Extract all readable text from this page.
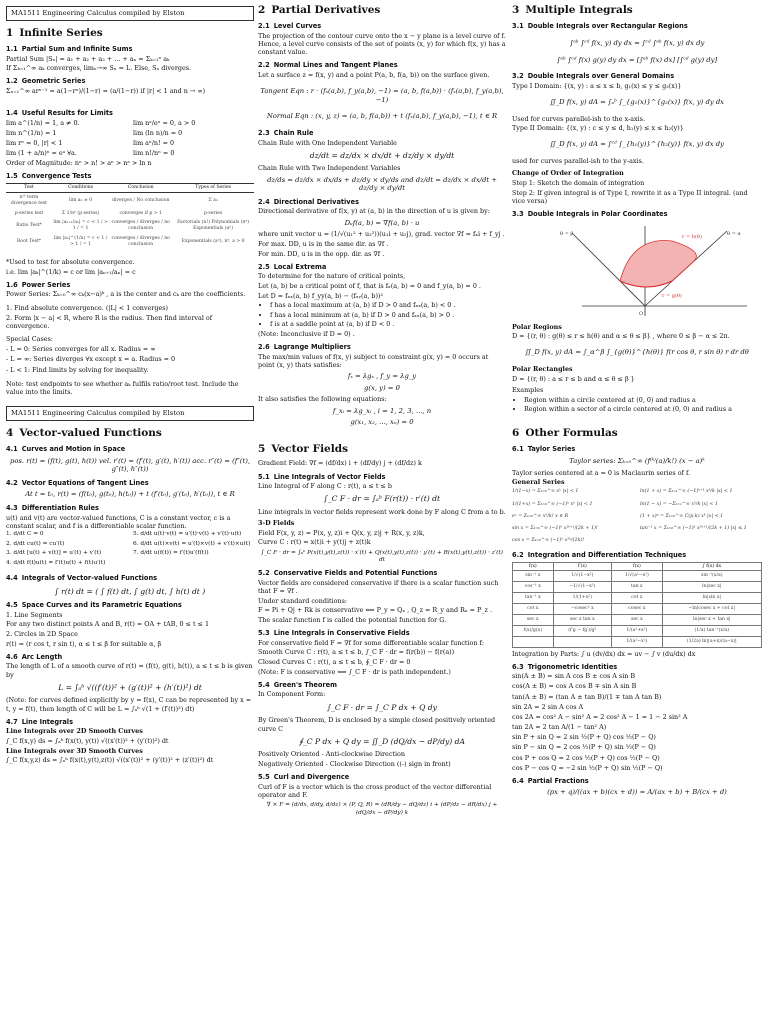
MA1511 Engineering Calculus compiled by Elston
1 Infinite Series
1.1 Partial Sum and Infinite Sums

Partial Sum |Sₙ| = a₁ + a₂ + a₃ + ... + aₙ = Σₖ₌₁ⁿ aₖ

If Σₖ₌₁^∞ aₖ converges, limₙ→∞ Sₙ = L. Else, Sₙ diverges.

1.2 Geometric Series

Σₙ₌₁^∞ arⁿ⁻¹ = a(1−rⁿ)/(1−r) = (a/(1−r)) if |r| < 1 and n → ∞)

1.4 Useful Results for Limits
lim a^(1/n) = 1, a ≠ 0.
lim n^(1/n) = 1
lim rⁿ = 0, |r| < 1
lim (1 + a/n)ⁿ = eᵃ ∀a.
lim nᵃ/eⁿ = 0, a > 0
lim (ln n)/n = 0
lim aⁿ/n! = 0
lim n!/nⁿ = 0

Order of Magnitude: nⁿ > n! > aⁿ > nᵃ > ln n

1.5 Convergence Tests
Test	Conditions	Conclusion	Types of Series
nᵗʰ term divergence test	lim aₙ ≠ 0	diverges / No conclusion	Σ aₙ
p-series test	Σ 1/nᵖ (p-series)	converges if p > 1	p-series
Ratio Test*	lim |aₙ₊₁/aₙ| = c < 1 / > 1 / = 1	converges / diverges / no conclusion	Factorials (n!) Polynomials (nᵃ) Exponentials (aⁿ)
Root Test*	lim |aₙ|^(1/n) = c < 1 / > 1 / = 1	converges / diverges / no conclusion	Exponentials (aⁿ), nᵃ, a > 0

*Used to test for absolute convergence.

i.e. lim |aₖ|^(1/k) = c or lim |aₙ₊₁/aₙ| = c

1.6 Power Series

Power Series: Σₖ₌₀^∞ cₖ(x−a)ᵏ , a is the center and cₖ are the coefficients.

1. Find absolute convergence. (|L| < 1 converges)

2. Form |x − a| < R, where R is the radius. Then find interval of convergence.

Special Cases:

- L = 0: Series converges for all x. Radius = ∞
- L = ∞: Series diverges ∀x except x = a. Radius = 0
- L < 1: Find limits by solving for inequality.

Note: test endpoints to see whether aₖ fulfils ratio/root test. Include the value into the limits.

MA1511 Engineering Calculus compiled by Elston
4 Vector-valued Functions
4.1 Curves and Motion in Space

pos. r(t) = (f(t), g(t), h(t)) vel. r′(t) = (f′(t), g′(t), h′(t)) acc. r″(t) = (f″(t), g″(t), h″(t))

4.2 Vector Equations of Tangent Lines

At t = t₀, r(t) = (f(t₀), g(t₀), h(t₀)) + t (f′(t₀), g′(t₀), h′(t₀)), t ∈ R

4.3 Differentiation Rules

u(t) and v(t) are vector-valued functions, C is a constant vector, c is a constant scalar, and f is a differentiable scalar function.

1. d/dt C = 0
2. d/dt cu(t) = cu′(t)
3. d/dt [u(t) + v(t)] = u′(t) + v′(t)
4. d/dt f(t)u(t) = f′(t)u(t) + f(t)u′(t)
5. d/dt u(t)·v(t) = u′(t)·v(t) + v′(t)·u(t)
6. d/dt u(t)×v(t) = u′(t)×v(t) + v′(t)×u(t)
7. d/dt u(f(t)) = f′(t)u′(f(t))
4.4 Integrals of Vector-valued Functions

∫ r(t) dt = ( ∫ f(t) dt, ∫ g(t) dt, ∫ h(t) dt )

4.5 Space Curves and its Parametric Equations

1. Line Segments

For any two distinct points A and B, r(t) = OA + tAB, 0 ≤ t ≤ 1

2. Circles in 2D Space

r(t) = (r cos t, r sin t), α ≤ t ≤ β for suitable α, β

4.6 Arc Length

The length of L of a smooth curve of r(t) = (f(t), g(t), h(t)), a ≤ t ≤ b is given by

L = ∫ₐᵇ √((f′(t))² + (g′(t))² + (h′(t))²) dt

(Note: for curves defined explicitly by y = f(x), C can be represented by x = t, y = f(t), then length of C will be L = ∫ₐᵇ √(1 + (f′(t))²) dt)

4.7 Line Integrals

Line Integrals over 2D Smooth Curves

∫_C f(x,y) ds = ∫ₐᵇ f(x(t), y(t)) √((x′(t))² + (y′(t))²) dt

Line Integrals over 3D Smooth Curves

∫_C f(x,y,z) ds = ∫ₐᵇ f(x(t),y(t),z(t)) √((x′(t))² + (y′(t))² + (z′(t))²) dt

2 Partial Derivatives
2.1 Level Curves

The projection of the contour curve onto the x − y plane is a level curve of f. Hence, a level curve consists of the set of points (x, y) for which f(x, y) has a constant value.

2.2 Normal Lines and Tangent Planes

Let a surface z = f(x, y) and a point P(a, b, f(a, b)) on the surface given.

Tangent Eqn : r · (fₓ(a,b), f_y(a,b), −1) = (a, b, f(a,b)) · (fₓ(a,b), f_y(a,b), −1)

Normal Eqn : (x, y, z) = (a, b, f(a,b)) + t (fₓ(a,b), f_y(a,b), −1), t ∈ R

2.3 Chain Rule

Chain Rule with One Independent Variable

dz/dt = dz/dx × dx/dt + dz/dy × dy/dt

Chain Rule with Two Independent Variables

dz/ds = dz/dx × dx/ds + dz/dy × dy/ds and dz/dt = dz/dx × dx/dt + dz/dy × dy/dt

2.4 Directional Derivatives

Directional derivative of f(x, y) at (a, b) in the direction of u is given by:

Dᵤf(a, b) = ∇f(a, b) · u

where unit vector u = (1/√(u₁² + u₂²))(u₁i + u₂j), grad. vector ∇f = fₓi + f_yj .

For max. DD, u is in the same dir. as ∇f .

For min. DD, u is in the opp. dir. as ∇f .

2.5 Local Extrema

To determine for the nature of critical points,

Let (a, b) be a critical point of f, that is fₓ(a, b) = 0 and f_y(a, b) = 0 .

Let D = fₓₓ(a, b) f_yy(a, b) − (fₓᵧ(a, b))²

• f has a local maximum at (a, b) if D > 0 and fₓₓ(a, b) < 0 .
• f has a local minimum at (a, b) if D > 0 and fₓₓ(a, b) > 0 .
• f is at a saddle point at (a, b) if D < 0 .

(Note: Inconclusive if D = 0) .

2.6 Lagrange Multipliers

The max/min values of f(x, y) subject to constraint g(x, y) = 0 occurs at point (x, y) thats satisfies:

fₓ = λgₓ , f_y = λg_y

g(x, y) = 0

It also satisfies the following equations:

f_xᵢ = λg_xᵢ , i = 1, 2, 3, ..., n

g(x₁, x₂, ..., xₙ) = 0

5 Vector Fields

Gradient Field: ∇f = (df/dx) i + (df/dy) j + (df/dz) k

5.1 Line Integrals of Vector Fields

Line Integral of F along C : r(t), a ≤ t ≤ b

∫_C F · dr = ∫ₐᵇ F(r(t)) · r′(t) dt

Line integrals in vector fields represent work done by F along C from a to b.

3-D Fields

Field F(x, y, z) = P(x, y, z)i + Q(x, y, z)j + R(x, y, z)k,

Curve C : r(t) = x(t)i + y(t)j + z(t)k

∫_C F · dr = ∫ₐᵇ P(x(t),y(t),z(t)) · x′(t) + Q(x(t),y(t),z(t)) · y′(t) + R(x(t),y(t),z(t)) · z′(t) dt

5.2 Conservative Fields and Potential Functions

Vector fields are considered conservative if there is a scalar function such that F = ∇f .

Under standard conditions:

F = Pi + Qj + Rk is conservative ⟺ P_y = Qₓ , Q_z = R_y and Rₓ = P_z .

The scalar function f is called the potential function for G.

5.3 Line Integrals in Conservative Fields

For conservative field F = ∇f for some differentiable scalar function f:

Smooth Curve C : r(t), a ≤ t ≤ b, ∫_C F · dr = f(r(b)) − f(r(a))

Closed Curves C : r(t), a ≤ t ≤ b, ∮_C F · dr = 0

(Note: F is conservative ⟺ ∫_C F · dr is path independent.)

5.4 Green's Theorem

In Component Form:

∫_C F · dr = ∫_C P dx + Q dy

By Green's Theorem, D is enclosed by a simple closed positively oriented curve C

∮_C P dx + Q dy = ∬_D (dQ/dx − dP/dy) dA

Positively Oriented - Anti-clockwise Direction

Negatively Oriented - Clockwise Direction ((-) sign in front)

5.5 Curl and Divergence

Curl of F is a vector which is the cross product of the vector differential operator and F.

∇ × F = (d/dx, d/dy, d/dz) × (P, Q, R) = (dR/dy − dQ/dz) i + (dP/dz − dR/dx) j + (dQ/dx − dP/dy) k

3 Multiple Integrals
3.1 Double Integrals over Rectangular Regions

∫ᵃᵇ ∫ᶜᵈ f(x, y) dy dx = ∫ᶜᵈ ∫ᵃᵇ f(x, y) dx dy

∫ᵃᵇ ∫ᶜᵈ f(x) g(y) dy dx = [∫ᵃᵇ f(x) dx] [∫ᶜᵈ g(y) dy]

3.2 Double Integrals over General Domains

Type I Domain: {(x, y) : a ≤ x ≤ b, g₁(x) ≤ y ≤ g₂(x)}

∬_D f(x, y) dA = ∫ₐᵇ ∫_{g₁(x)}^{g₂(x)} f(x, y) dy dx

Used for curves parallel-ish to the x-axis.

Type II Domain: {(x, y) : c ≤ y ≤ d, h₁(y) ≤ x ≤ h₂(y)}

∬_D f(x, y) dA = ∫ᶜᵈ ∫_{h₁(y)}^{h₂(y)} f(x, y) dx dy

used for curves parallel-ish to the y-axis.

Change of Order of Integration

Step 1: Sketch the domain of integration

Step 2: If given integral is of Type I, rewrite it as a Type II integral. (and vice versa)

3.3 Double Integrals in Polar Coordinates
r = h(θ)
θ = β	θ = α
O
r = g(θ)

Polar Regions

D = {(r, θ) : g(θ) ≤ r ≤ h(θ) and α ≤ θ ≤ β} , where 0 ≤ β − α ≤ 2π.

∬_D f(x, y) dA = ∫_α^β ∫_{g(θ)}^{h(θ)} f(r cos θ, r sin θ) r dr dθ

Polar Rectangles

D = {(r, θ) : a ≤ r ≤ b and α ≤ θ ≤ β }

Examples

• Region within a circle centered at (0, 0) and radius a
• Region within a sector of a circle centered at (0, 0) and radius a
6 Other Formulas
6.1 Taylor Series

Taylor series: Σₖ₌₀^∞ (f⁽ᵏ⁾(a)/k!) (x − a)ᵏ

Taylor series centered at a = 0 is Maclaurin series of f.

General Series

1/(1−x) = Σₖ₌₀^∞ xᵏ |x| < 1	ln(1 + x) = Σₖ₌₁^∞ (−1)ᵏ⁺¹ xᵏ/k |x| < 1
1/(1+x) = Σₖ₌₀^∞ (−1)ᵏ xᵏ |x| < 1	ln(1 − x) = −Σₖ₌₁^∞ xᵏ/k |x| < 1
eˣ = Σₖ₌₀^∞ xᵏ/k! x ∈ R	(1 + x)ᵖ = Σₖ₌₀^∞ C(p,k) xᵏ |x| < 1
sin x = Σₖ₌₀^∞ (−1)ᵏ x²ᵏ⁺¹/(2k + 1)!	tan⁻¹ x = Σₖ₌₀^∞ (−1)ᵏ x²ᵏ⁺¹/(2k + 1) |x| ≤ 1
cos x = Σₖ₌₀^∞ (−1)ᵏ x²ᵏ/(2k)!
6.2 Integration and Differentiation Techniques
f(x)	f′(x)	f(x)	∫ f(x) dx
sin⁻¹ x	1/√(1−x²)	1/√(a²−x²)	sin⁻¹(x/a)
cos⁻¹ x	−1/√(1−x²)	tan x	ln|sec x|
tan⁻¹ x	1/(1+x²)	cot x	ln|sin x|
cot x	−cosec² x	cosec x	−ln|cosec x + cot x|
sec x	sec x tan x	sec x	ln|sec x + tan x|
f(x)/g(x)	(f′g − fg′)/g²	1/(a²+x²)	(1/a) tan⁻¹(x/a)
		1/(a²−x²)	(1/2a) ln|(a+x)/(a−x)|

Integration by Parts: ∫ u (dv/dx) dx = uv − ∫ v (du/dx) dx

6.3 Trigonometric Identities
sin(A ± B) = sin A cos B ± cos A sin B
cos(A ± B) = cos A cos B ∓ sin A sin B
tan(A ± B) = (tan A ± tan B)/(1 ∓ tan A tan B)
sin 2A = 2 sin A cos A
cos 2A = cos² A − sin² A = 2 cos² A − 1 = 1 − 2 sin² A
tan 2A = 2 tan A/(1 − tan² A)
sin P + sin Q = 2 sin ½(P + Q) cos ½(P − Q)
sin P − sin Q = 2 cos ½(P + Q) sin ½(P − Q)
cos P + cos Q = 2 cos ½(P + Q) cos ½(P − Q)
cos P − cos Q = −2 sin ½(P + Q) sin ½(P − Q)
6.4 Partial Fractions

(px + q)/((ax + b)(cx + d)) = A/(ax + b) + B/(cx + d)
